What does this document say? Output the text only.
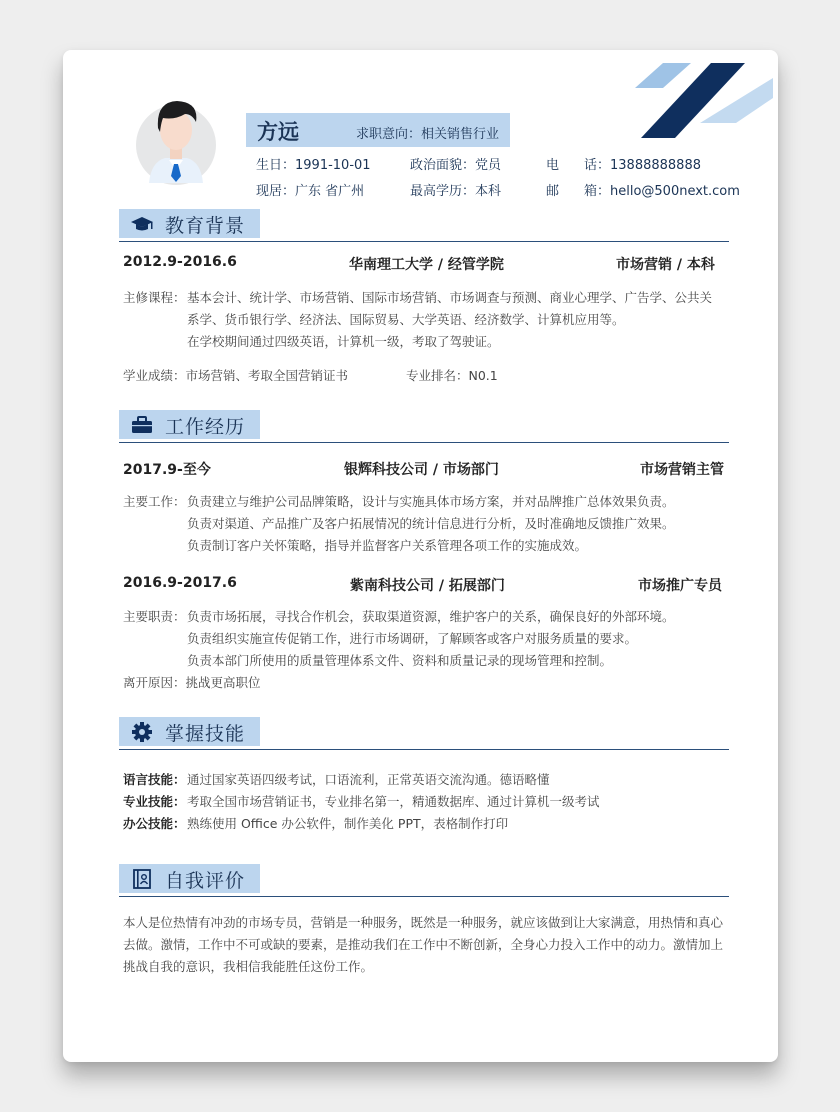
方远	求职意向：相关销售行业
生日：1991-10-01	政治面貌：党员	电 话：13888888888
现居：广东 省广州	最高学历：本科	邮 箱：hello@500next.com
教育背景
2012.9-2016.6	华南理工大学 / 经管学院	市场营销 / 本科
主修课程： 基本会计、统计学、市场营销、国际市场营销、市场调查与预测、商业心理学、广告学、公共关
系学、货币银行学、经济法、国际贸易、大学英语、经济数学、计算机应用等。
在学校期间通过四级英语，计算机一级，考取了驾驶证。
学业成绩：市场营销、考取全国营销证书	专业排名：N0.1
工作经历
2017.9-至今	银辉科技公司 / 市场部门	市场营销主管
主要工作： 负责建立与维护公司品牌策略，设计与实施具体市场方案，并对品牌推广总体效果负责。
负责对渠道、产品推广及客户拓展情况的统计信息进行分析，及时准确地反馈推广效果。
负责制订客户关怀策略，指导并监督客户关系管理各项工作的实施成效。
2016.9-2017.6	紫南科技公司 / 拓展部门	市场推广专员
主要职责： 负责市场拓展，寻找合作机会，获取渠道资源，维护客户的关系，确保良好的外部环境。
负责组织实施宣传促销工作，进行市场调研，了解顾客或客户对服务质量的要求。
负责本部门所使用的质量管理体系文件、资料和质量记录的现场管理和控制。
离开原因：挑战更高职位
掌握技能
语言技能： 通过国家英语四级考试，口语流利，正常英语交流沟通。德语略懂
专业技能： 考取全国市场营销证书，专业排名第一，精通数据库、通过计算机一级考试
办公技能： 熟练使用 Office 办公软件，制作美化 PPT，表格制作打印
自我评价
本人是位热情有冲劲的市场专员，营销是一种服务，既然是一种服务，就应该做到让大家满意，用热情和真心去做。激情，工作中不可或缺的要素，是推动我们在工作中不断创新，全身心力投入工作中的动力。激情加上挑战自我的意识，我相信我能胜任这份工作。
